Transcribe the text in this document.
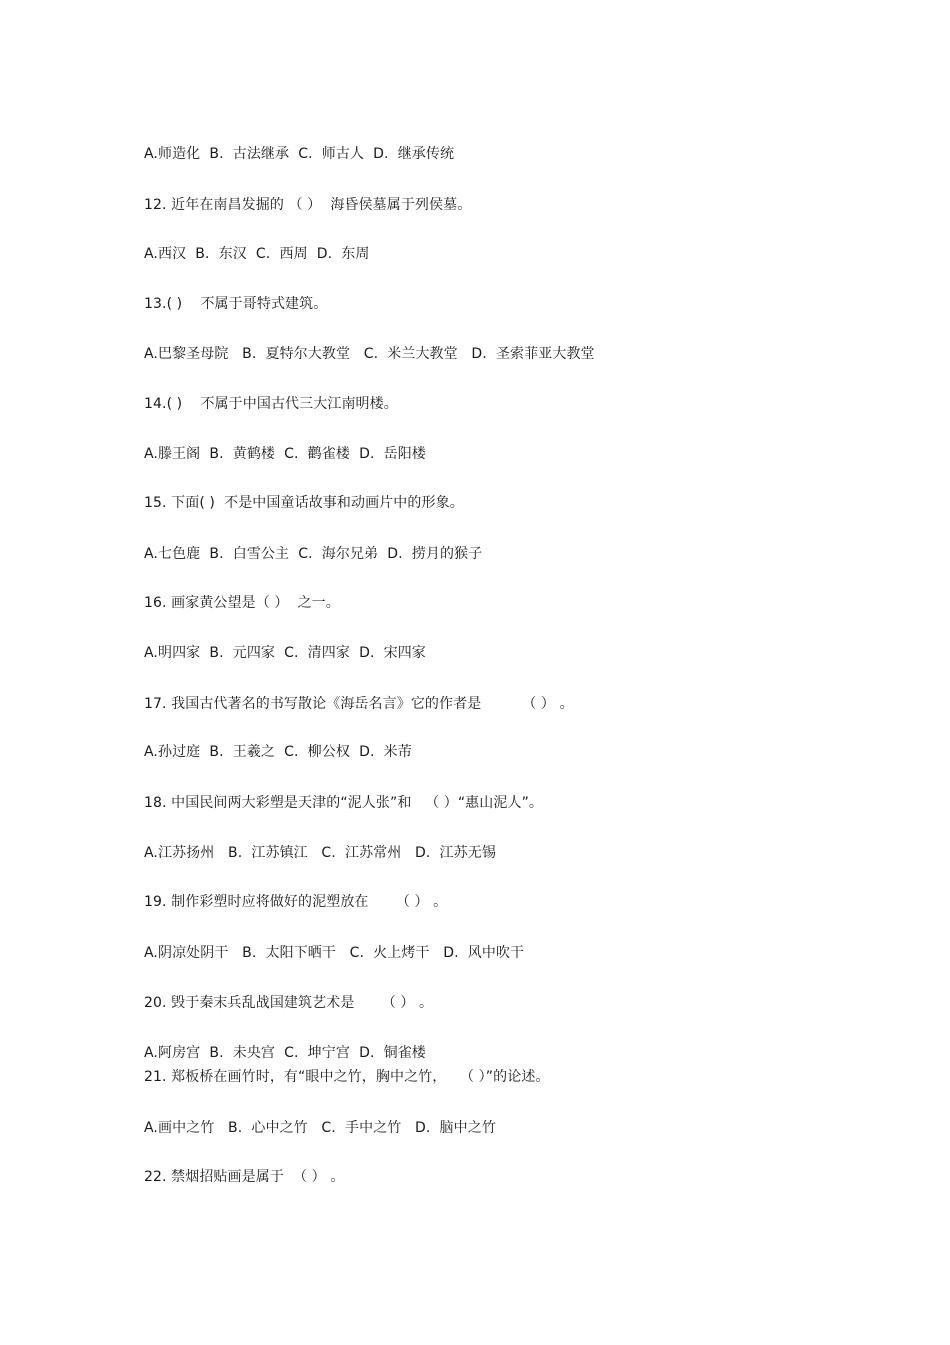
A.师造化  B.  古法继承  C.  师古人  D.  继承传统
12. 近年在南昌发掘的 （ ）  海昏侯墓属于列侯墓。
A.西汉  B.  东汉  C.  西周  D.  东周
13.( )    不属于哥特式建筑。
A.巴黎圣母院   B.  夏特尔大教堂   C.  米兰大教堂   D.  圣索菲亚大教堂
14.( )    不属于中国古代三大江南明楼。
A.滕王阁  B.  黄鹤楼  C.  鹳雀楼  D.  岳阳楼
15. 下面( )  不是中国童话故事和动画片中的形象。
A.七色鹿  B.  白雪公主  C.  海尔兄弟  D.  捞月的猴子
16. 画家黄公望是（ ）  之一。
A.明四家  B.  元四家  C.  清四家  D.  宋四家
17. 我国古代著名的书写散论《海岳名言》它的作者是         （ ） 。
A.孙过庭  B.  王羲之  C.  柳公权  D.  米芾
18. 中国民间两大彩塑是天津的“泥人张”和   （ ）“惠山泥人”。
A.江苏扬州   B.  江苏镇江   C.  江苏常州   D.  江苏无锡
19. 制作彩塑时应将做好的泥塑放在      （ ） 。
A.阴凉处阴干   B.  太阳下晒干   C.  火上烤干   D.  风中吹干
20. 毁于秦末兵乱战国建筑艺术是      （ ） 。
A.阿房宫  B.  未央宫  C.  坤宁宫  D.  铜雀楼
21. 郑板桥在画竹时，有“眼中之竹，胸中之竹，   （ ）”的论述。
A.画中之竹   B.  心中之竹   C.  手中之竹   D.  脑中之竹
22. 禁烟招贴画是属于  （ ） 。
